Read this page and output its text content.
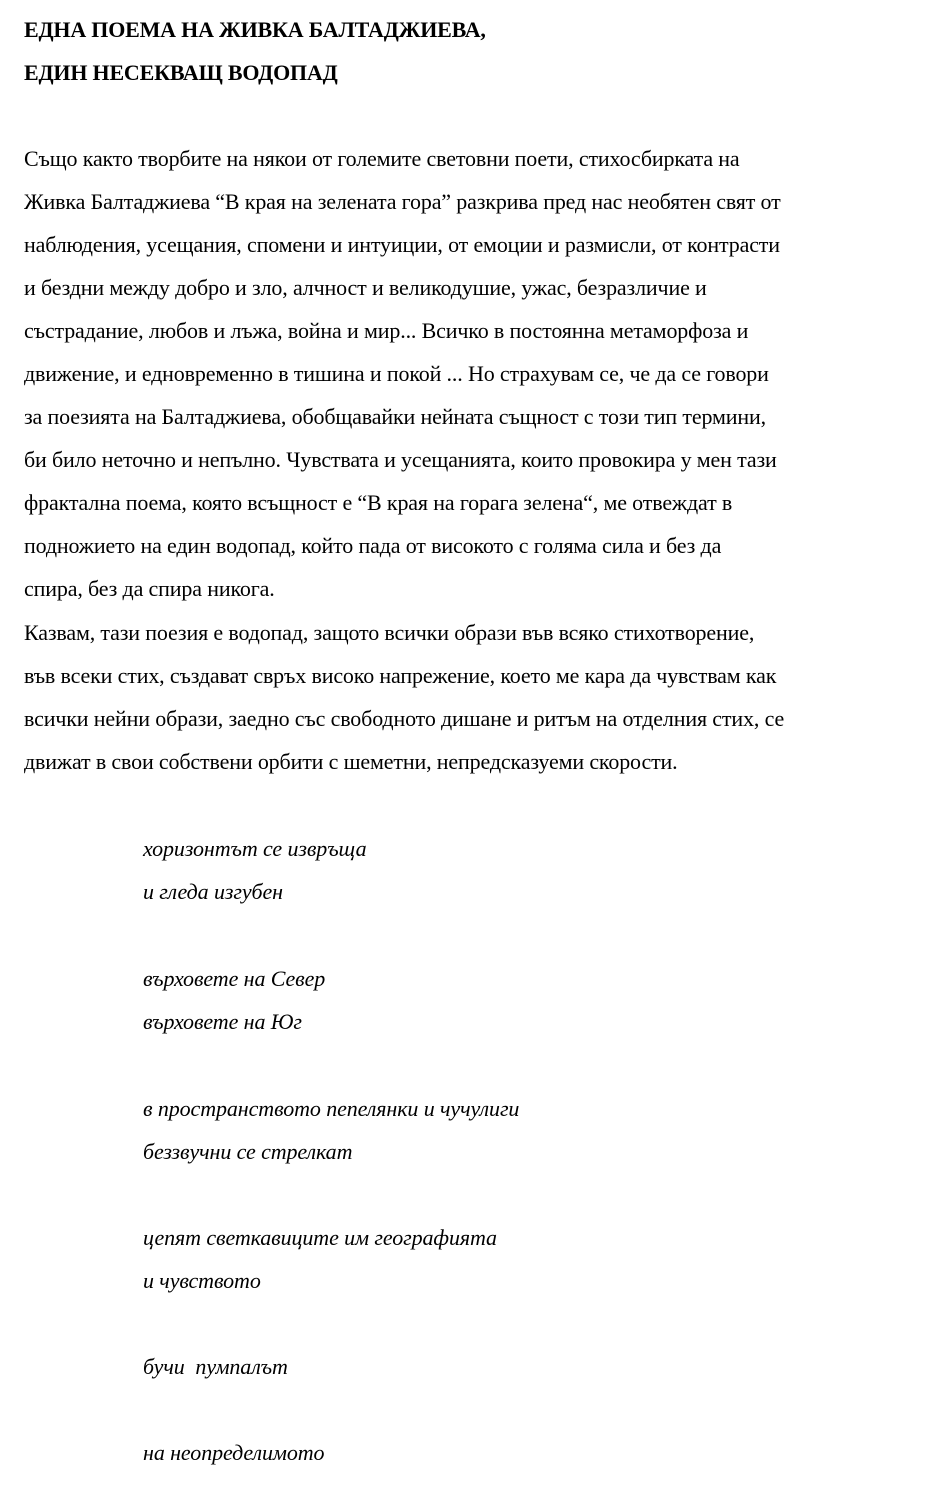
ЕДНА ПОЕМА НА ЖИВКА БАЛТАДЖИЕВА,
ЕДИН НЕСЕКВАЩ ВОДОПАД
Също както творбите на някои от големите световни поети, стихосбирката на
Живка Балтаджиева “В края на зелената гора” разкрива пред нас необятен свят от
наблюдения, усещания, спомени и интуиции, от емоции и размисли, от контрасти
и бездни между добро и зло, алчност и великодушие, ужас, безразличие и
състрадание, любов и лъжа, война и мир... Всичко в постоянна метаморфоза и
движение, и едновременно в тишина и покой ... Но страхувам се, че да се говори
за поезията на Балтаджиева, обобщавайки нейната същност с този тип термини,
би било неточно и непълно. Чувствата и усещанията, които провокира у мен тази
фрактална поема, която всъщност е “В края на горага зелена“, ме отвеждат в
подножието на един водопад, който пада от високото с голяма сила и без да
спира, без да спира никога.
Казвам, тази поезия е водопад, защото всички образи във всяко стихотворение,
във всеки стих, създават свръх високо напрежение, което ме кара да чувствам как
всички нейни образи, заедно със свободното дишане и ритъм на отделния стих, се
движат в свои собствени орбити с шеметни, непредсказуеми скорости.
хоризонтът се извръща
и гледа изгубен
върховете на Север
върховете на Юг
в пространството пепелянки и чучулиги
беззвучни се стрелкат
цепят светкавиците им географията
и чувството
бучи  пумпалът
на неопределимото
